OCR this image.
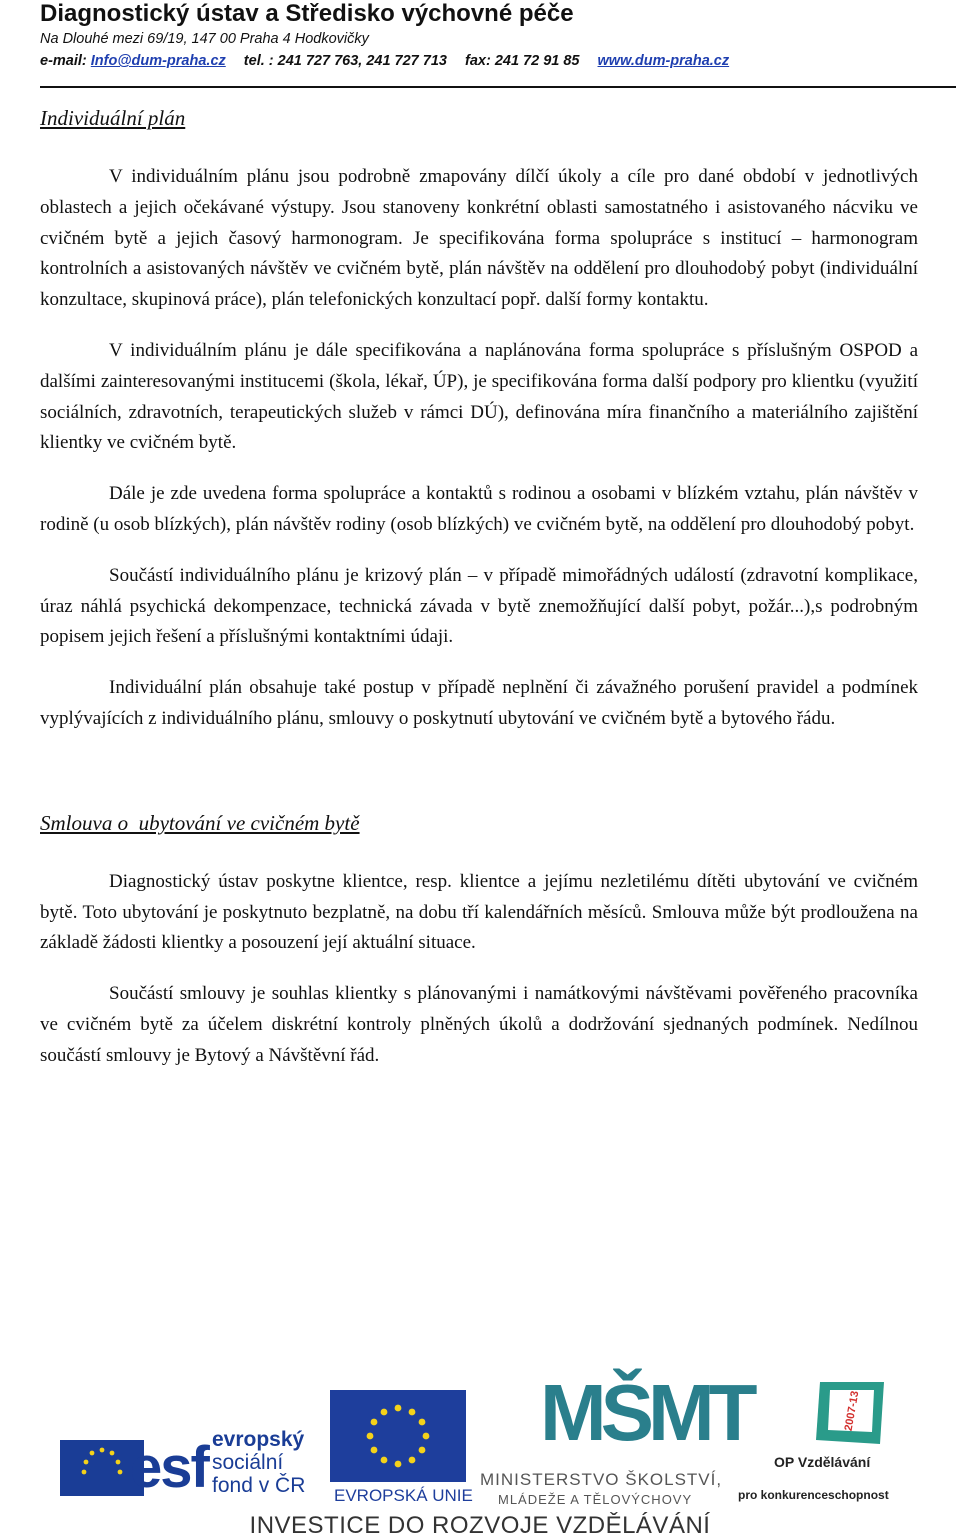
Diagnostický ústav a Středisko výchovné péče
Na Dlouhé mezi 69/19, 147 00 Praha 4 Hodkovičky
e-mail: Info@dum-praha.cz tel. : 241 727 763, 241 727 713 fax: 241 72 91 85 www.dum-praha.cz
Individuální plán

V individuálním plánu jsou podrobně zmapovány dílčí úkoly a cíle pro dané období v jednotlivých oblastech a jejich očekávané výstupy. Jsou stanoveny konkrétní oblasti samostatného i asistovaného nácviku ve cvičném bytě a jejich časový harmonogram. Je specifikována forma spolupráce s institucí – harmonogram kontrolních a asistovaných návštěv ve cvičném bytě, plán návštěv na oddělení pro dlouhodobý pobyt (individuální konzultace, skupinová práce), plán telefonických konzultací popř. další formy kontaktu.

V individuálním plánu je dále specifikována a naplánována forma spolupráce s příslušným OSPOD a dalšími zainteresovanými institucemi (škola, lékař, ÚP), je specifikována forma další podpory pro klientku (využití sociálních, zdravotních, terapeutických služeb v rámci DÚ), definována míra finančního a materiálního zajištění klientky ve cvičném bytě.

Dále je zde uvedena forma spolupráce a kontaktů s rodinou a osobami v blízkém vztahu, plán návštěv v rodině (u osob blízkých), plán návštěv rodiny (osob blízkých) ve cvičném bytě, na oddělení pro dlouhodobý pobyt.

Součástí individuálního plánu je krizový plán – v případě mimořádných událostí (zdravotní komplikace, úraz náhlá psychická dekompenzace, technická závada v bytě znemožňující další pobyt, požár...),s podrobným popisem jejich řešení a příslušnými kontaktními údaji.

Individuální plán obsahuje také postup v případě neplnění či závažného porušení pravidel a podmínek vyplývajících z individuálního plánu, smlouvy o poskytnutí ubytování ve cvičném bytě a bytového řádu.

Smlouva o  ubytování ve cvičném bytě

Diagnostický ústav poskytne klientce, resp. klientce a jejímu nezletilému dítěti ubytování ve cvičném bytě. Toto ubytování je poskytnuto bezplatně, na dobu tří kalendářních měsíců. Smlouva může být prodloužena na základě žádosti klientky a posouzení její aktuální situace.

Součástí smlouvy je souhlas klientky s plánovanými i namátkovými návštěvami pověřeného pracovníka ve cvičném bytě za účelem diskrétní kontroly plněných úkolů a dodržování sjednaných podmínek. Nedílnou součástí smlouvy je Bytový a Návštěvní řád.

esf evropský
sociální
fond v ČR EVROPSKÁ UNIE
MŠMT
MINISTERSTVO ŠKOLSTVÍ,
MLÁDEŽE A TĚLOVÝCHOVY
2007-13
OP Vzdělávání
pro konkurenceschopnost
INVESTICE DO ROZVOJE VZDĚLÁVÁNÍ
